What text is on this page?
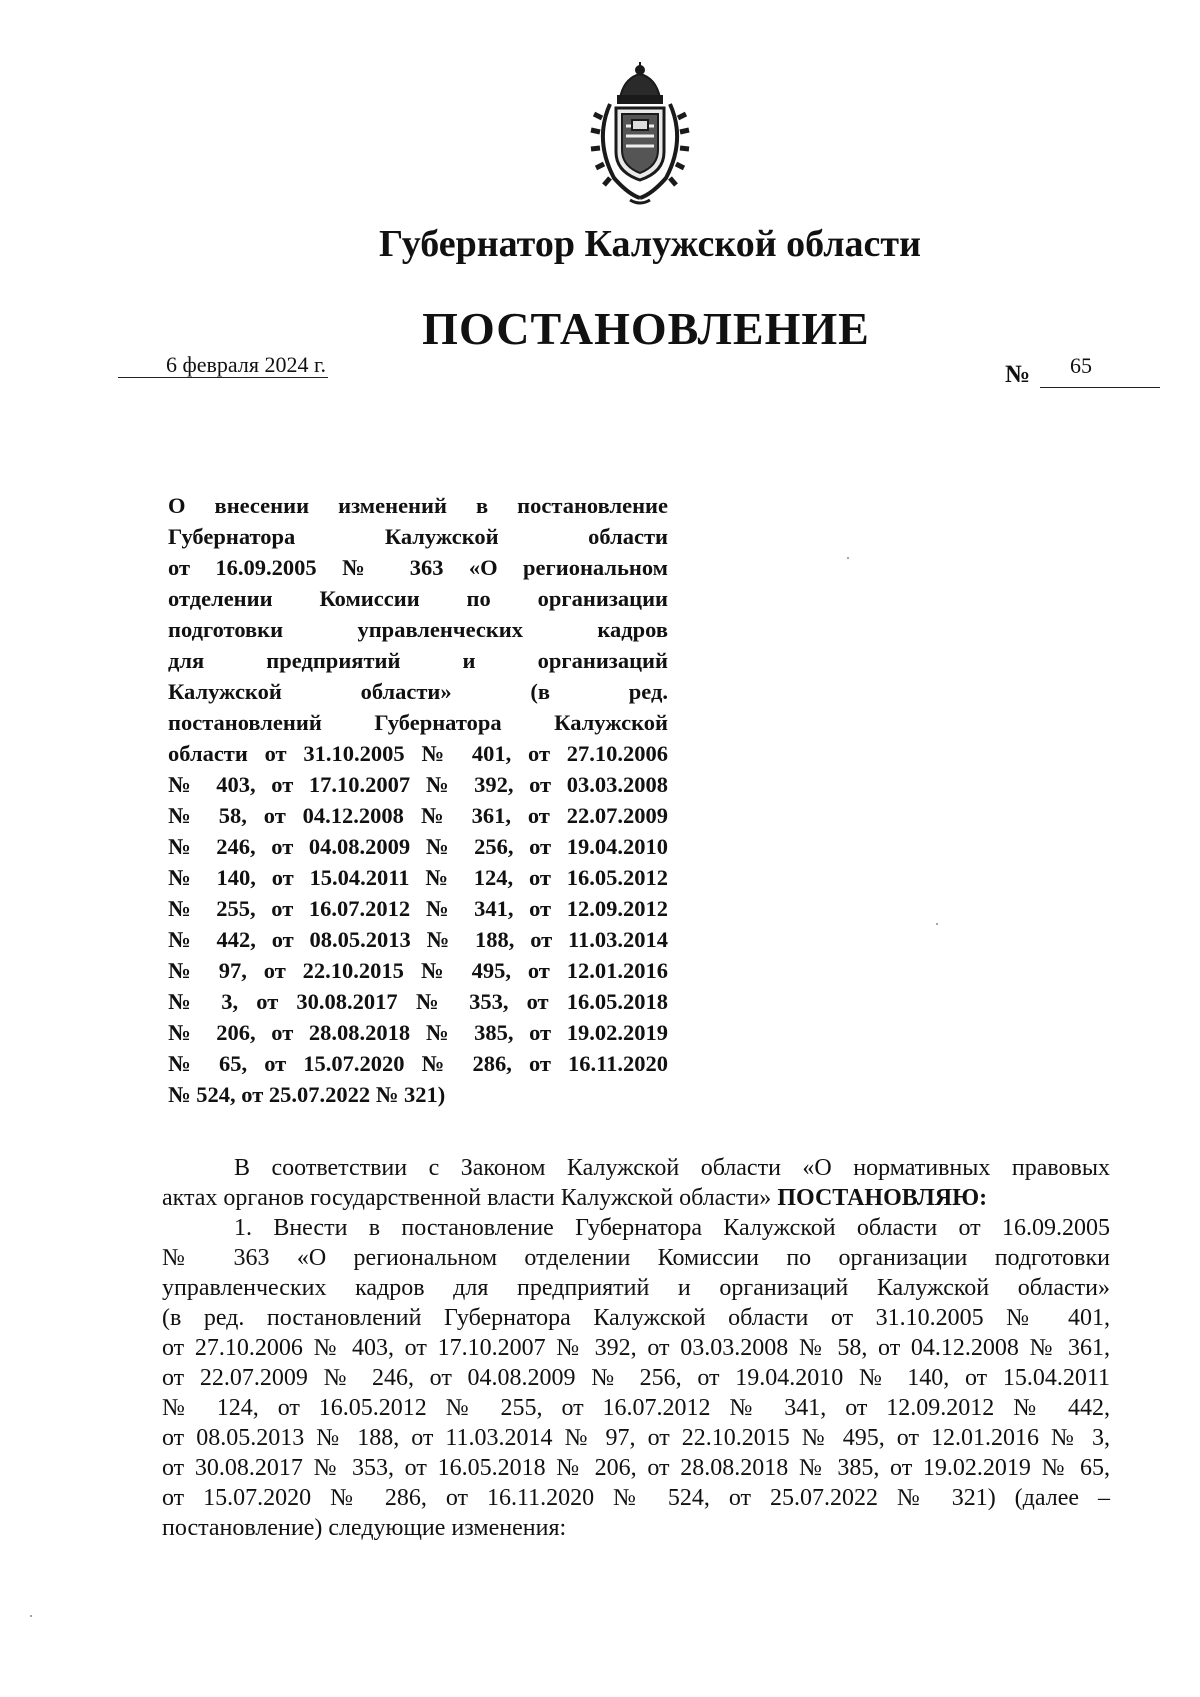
Губернатор Калужской области
ПОСТАНОВЛЕНИЕ
6 февраля 2024 г.	№ 65
О внесении изменений в постановление
Губернатора Калужской области
от 16.09.2005 № 363 «О региональном
отделении Комиссии по организации
подготовки управленческих кадров
для предприятий и организаций
Калужской области» (в ред.
постановлений Губернатора Калужской
области от 31.10.2005 № 401, от 27.10.2006
№ 403, от 17.10.2007 № 392, от 03.03.2008
№ 58, от 04.12.2008 № 361, от 22.07.2009
№ 246, от 04.08.2009 № 256, от 19.04.2010
№ 140, от 15.04.2011 № 124, от 16.05.2012
№ 255, от 16.07.2012 № 341, от 12.09.2012
№ 442, от 08.05.2013 № 188, от 11.03.2014
№ 97, от 22.10.2015 № 495, от 12.01.2016
№ 3, от 30.08.2017 № 353, от 16.05.2018
№ 206, от 28.08.2018 № 385, от 19.02.2019
№ 65, от 15.07.2020 № 286, от 16.11.2020
№ 524, от 25.07.2022 № 321)
В соответствии с Законом Калужской области «О нормативных правовых
актах органов государственной власти Калужской области» ПОСТАНОВЛЯЮ:
1. Внести в постановление Губернатора Калужской области от 16.09.2005
№ 363 «О региональном отделении Комиссии по организации подготовки
управленческих кадров для предприятий и организаций Калужской области»
(в ред. постановлений Губернатора Калужской области от 31.10.2005 № 401,
от 27.10.2006 № 403, от 17.10.2007 № 392, от 03.03.2008 № 58, от 04.12.2008 № 361,
от 22.07.2009 № 246, от 04.08.2009 № 256, от 19.04.2010 № 140, от 15.04.2011
№ 124, от 16.05.2012 № 255, от 16.07.2012 № 341, от 12.09.2012 № 442,
от 08.05.2013 № 188, от 11.03.2014 № 97, от 22.10.2015 № 495, от 12.01.2016 № 3,
от 30.08.2017 № 353, от 16.05.2018 № 206, от 28.08.2018 № 385, от 19.02.2019 № 65,
от 15.07.2020 № 286, от 16.11.2020 № 524, от 25.07.2022 № 321) (далее –
постановление) следующие изменения:
